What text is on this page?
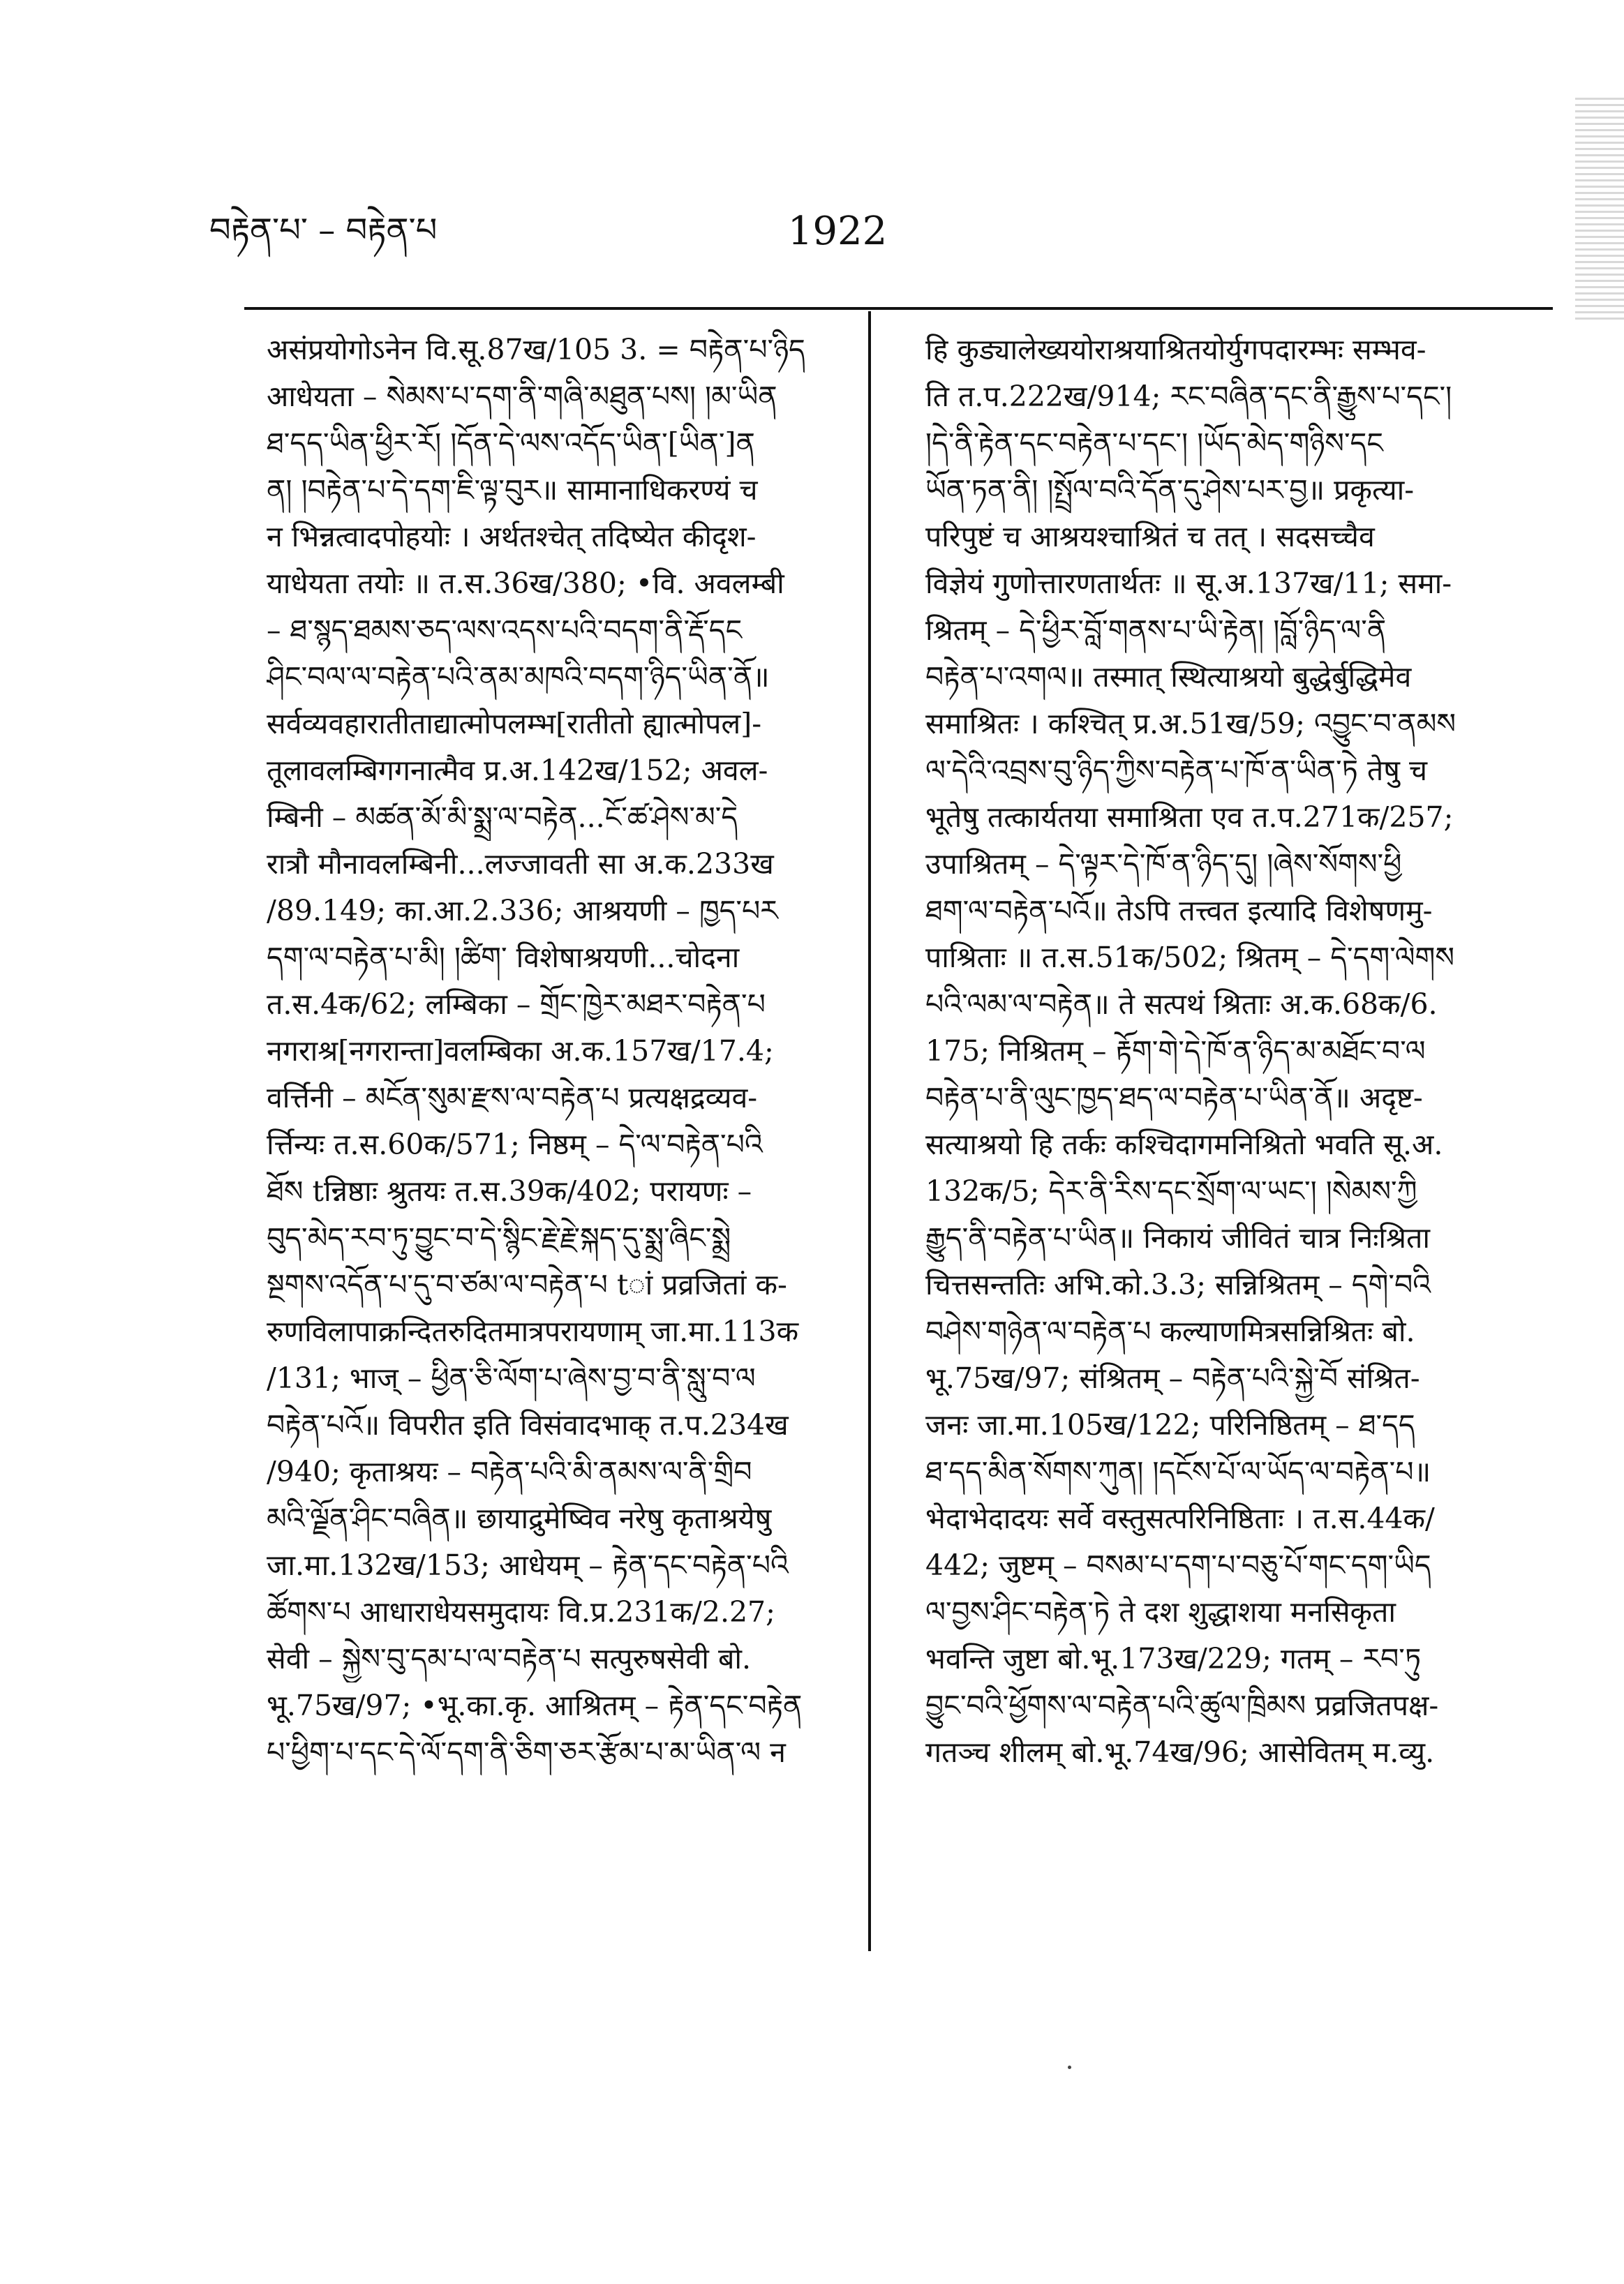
བརྟེན་པ་ – བརྟེན་པ	1922
असंप्रयोगोऽनेन वि.सू.87ख/105 3. = བརྟེན་པ་ཉིད
आधेयता – སེམས་པ་དག་ནི་གཞི་མཐུན་པས། །མ་ཡིན
ཐ་དད་ཡིན་ཕྱིར་རོ། །དོན་དེ་ལས་འདོད་ཡིན་[ཡིན་]ན
ན། །བརྟེན་པ་དེ་དག་ཇི་ལྟ་བུར॥ सामानाधिकरण्यं च
न भिन्नत्वादपोहयोः । अर्थतश्चेत् तदिष्येत कीदृश-
याधेयता तयोः ॥ त.स.36ख/380; •वि. अवलम्बी
– ཐ་སྙད་ཐམས་ཅད་ལས་འདས་པའི་བདག་ནི་རྡོ་དང
ཤིང་བལ་ལ་བརྟེན་པའི་ནམ་མཁའི་བདག་ཉིད་ཡིན་ནོ॥
सर्वव्यवहारातीताद्यात्मोपलम्भ[रातीतो ह्यात्मोपल]-
तूलावलम्बिगगनात्मैव प्र.अ.142ख/152; अवल-
म्बिनी – མཚན་མོ་མི་སྨྲ་ལ་བརྟེན...ངོ་ཚ་ཤེས་མ་དེ
रात्रौ मौनावलम्बिनी...लज्जावती सा अ.क.233ख
/89.149; का.आ.2.336; आश्रयणी – ཁྱད་པར
དག་ལ་བརྟེན་པ་མི། །ཚིག་ विशेषाश्रयणी...चोदना
त.स.4क/62; लम्बिका – གྲོང་ཁྱེར་མཐར་བརྟེན་པ
नगराश्र[नगरान्ता]वलम्बिका अ.क.157ख/17.4;
वर्त्तिनी – མངོན་སུམ་རྫས་ལ་བརྟེན་པ प्रत्यक्षद्रव्यव-
र्त्तिन्यः त.स.60क/571; निष्ठम् – དེ་ལ་བརྟེན་པའི
ཐོས tन्निष्ठाः श्रुतयः त.स.39क/402; परायणः –
བུད་མེད་རབ་ཏུ་བྱུང་བ་དེ་སྙིང་རྗེ་རྗེ་སྐད་དུ་སྨྲ་ཞིང་སྨྲེ
སྔགས་འདོན་པ་དུ་བ་ཙམ་ལ་བརྟེན་པ tां प्रव्रजितां क-
रुणविलापाक्रन्दितरुदितमात्रपरायणाम् जा.मा.113क
/131; भाज् – ཕྱིན་ཅི་ལོག་པ་ཞེས་བྱ་བ་ནི་སླུ་བ་ལ
བརྟེན་པའོ॥ विपरीत इति विसंवादभाक् त.प.234ख
/940; कृताश्रयः – བརྟེན་པའི་མི་ནམས་ལ་ནི་གྲིབ
མའི་ལྗོན་ཤིང་བཞིན॥ छायाद्रुमेष्विव नरेषु कृताश्रयेषु
जा.मा.132ख/153; आधेयम् – རྟེན་དང་བརྟེན་པའི
ཚོགས་པ आधाराधेयसमुदायः वि.प्र.231क/2.27;
सेवी – སྐྱེས་བུ་དམ་པ་ལ་བརྟེན་པ सत्पुरुषसेवी बो.
भू.75ख/97; •भू.का.कृ. आश्रितम् – རྟེན་དང་བརྟེན
པ་ཕྱིག་པ་དང་དེ་ལོ་དག་ནི་ཅིག་ཅར་རྩོམ་པ་མ་ཡིན་ལ न
हि कुड्यालेख्ययोराश्रयाश्रितयोर्युगपदारम्भः सम्भव-
ति त.प.222ख/914; རང་བཞིན་དང་ནི་རྒྱུས་པ་དང་།
།དེ་ནི་རྟེན་དང་བརྟེན་པ་དང་། །ཡོད་མེད་གཉིས་དང
ཡོན་ཏན་ནི། །སྤྲོལ་བའི་དོན་དུ་ཤེས་པར་བྱ॥ प्रकृत्या-
परिपुष्टं च आश्रयश्चाश्रितं च तत् । सदसच्चैव
विज्ञेयं गुणोत्तारणतार्थतः ॥ सू.अ.137ख/11; समा-
श्रितम् – དེ་ཕྱིར་བློ་གནས་པ་ཡི་རྟེན། །བློ་ཉིད་ལ་ནི
བརྟེན་པ་འགལ॥ तस्मात् स्थित्याश्रयो बुद्धेर्बुद्धिमेव
समाश्रितः । कश्चित् प्र.अ.51ख/59; འབྱུང་བ་ནམས
ལ་དེའི་འབྲས་བུ་ཉིད་ཀྱིས་བརྟེན་པ་ཁོ་ན་ཡིན་ཏེ तेषु च
भूतेषु तत्कार्यतया समाश्रिता एव त.प.271क/257;
उपाश्रितम् – དེ་ལྟར་དེ་ཁོ་ན་ཉིད་དུ། །ཞེས་སོགས་ཕྱི
ཐག་ལ་བརྟེན་པའོ॥ तेऽपि तत्त्वत इत्यादि विशेषणमु-
पाश्रिताः ॥ त.स.51क/502; श्रितम् – དེ་དག་ལེགས
པའི་ལམ་ལ་བརྟེན॥ ते सत्पथं श्रिताः अ.क.68क/6.
175; निश्रितम् – རྟོག་གེ་དེ་ཁོ་ན་ཉིད་མ་མཐོང་བ་ལ
བརྟེན་པ་ནི་ལུང་ཁྱད་ཐད་ལ་བརྟེན་པ་ཡིན་ནོ॥ अदृष्ट-
सत्याश्रयो हि तर्कः कश्चिदागमनिश्रितो भवति सू.अ.
132क/5; དེར་ནི་རིས་དང་སྲོག་ལ་ཡང་། །སེམས་ཀྱི
རྒྱུད་ནི་བརྟེན་པ་ཡིན॥ निकायं जीवितं चात्र निःश्रिता
चित्तसन्ततिः अभि.को.3.3; सन्निश्रितम् – དགེ་བའི
བཤེས་གཉེན་ལ་བརྟེན་པ कल्याणमित्रसन्निश्रितः बो.
भू.75ख/97; संश्रितम् – བརྟེན་པའི་སྐྱེ་བོ संश्रित-
जनः जा.मा.105ख/122; परिनिष्ठितम् – ཐ་དད
ཐ་དད་མིན་སོགས་ཀུན། །དངོས་པོ་ལ་ཡོད་ལ་བརྟེན་པ॥
भेदाभेदादयः सर्वे वस्तुसत्परिनिष्ठिताः । त.स.44क/
442; जुष्टम् – བསམ་པ་དག་པ་བཅུ་པོ་གང་དག་ཡིད
ལ་བྱས་ཤིང་བརྟེན་ཏེ ते दश शुद्धाशया मनसिकृता
भवन्ति जुष्टा बो.भू.173ख/229; गतम् – རབ་ཏུ
བྱུང་བའི་ཕྱོགས་ལ་བརྟེན་པའི་ཚུལ་ཁྲིམས प्रव्रजितपक्ष-
गतञ्च शीलम् बो.भू.74ख/96; आसेवितम् म.व्यु.
